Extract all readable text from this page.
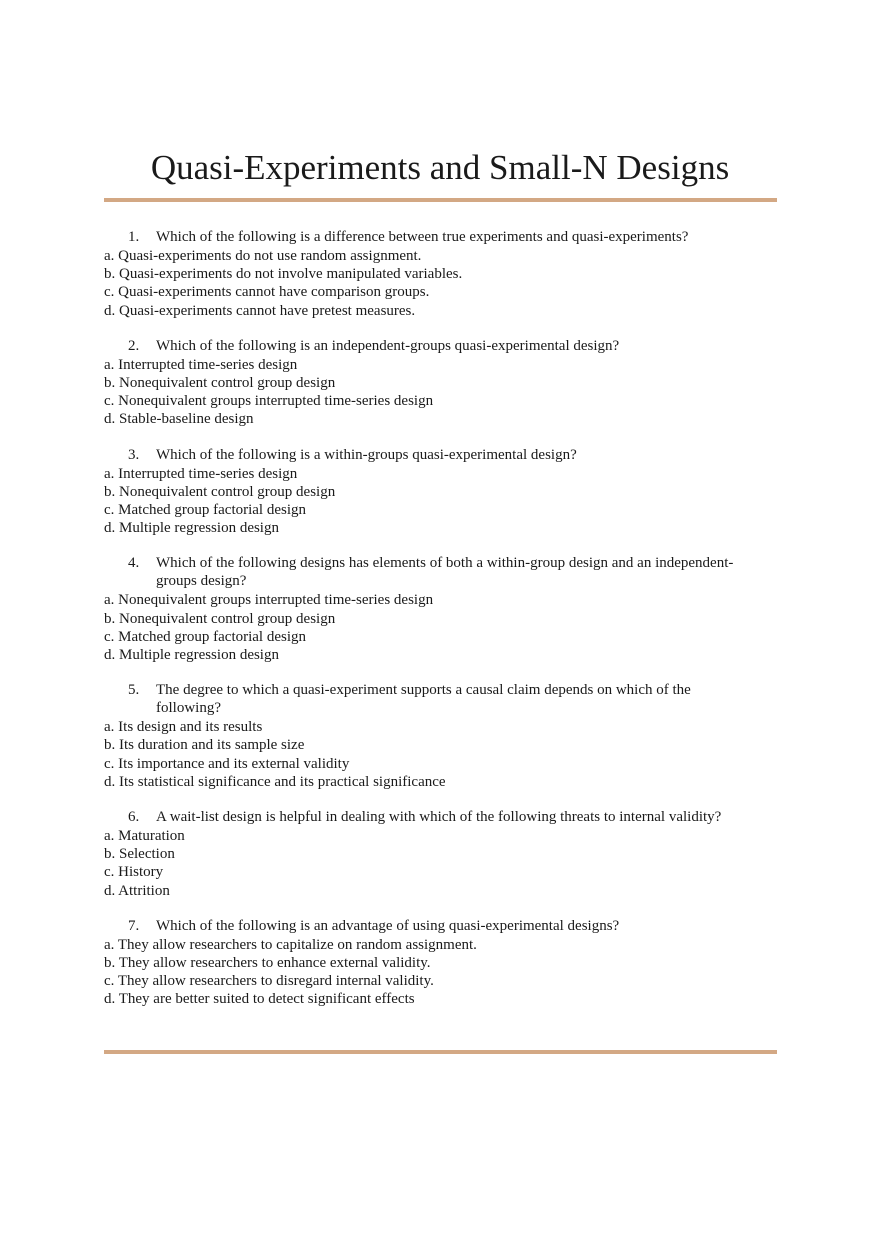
Quasi-Experiments and Small-N Designs

1. Which of the following is a difference between true experiments and quasi-experiments?

a. Quasi-experiments do not use random assignment.

b. Quasi-experiments do not involve manipulated variables.

c. Quasi-experiments cannot have comparison groups.

d. Quasi-experiments cannot have pretest measures.

2. Which of the following is an independent-groups quasi-experimental design?

a. Interrupted time-series design

b. Nonequivalent control group design

c. Nonequivalent groups interrupted time-series design

d. Stable-baseline design

3. Which of the following is a within-groups quasi-experimental design?

a. Interrupted time-series design

b. Nonequivalent control group design

c. Matched group factorial design

d. Multiple regression design

4. Which of the following designs has elements of both a within-group design and an independent-groups design?

a. Nonequivalent groups interrupted time-series design

b. Nonequivalent control group design

c. Matched group factorial design

d. Multiple regression design

5. The degree to which a quasi-experiment supports a causal claim depends on which of the following?

a. Its design and its results

b. Its duration and its sample size

c. Its importance and its external validity

d. Its statistical significance and its practical significance

6. A wait-list design is helpful in dealing with which of the following threats to internal validity?

a. Maturation

b. Selection

c. History

d. Attrition

7. Which of the following is an advantage of using quasi-experimental designs?

a. They allow researchers to capitalize on random assignment.

b. They allow researchers to enhance external validity.

c. They allow researchers to disregard internal validity.

d. They are better suited to detect significant effects
